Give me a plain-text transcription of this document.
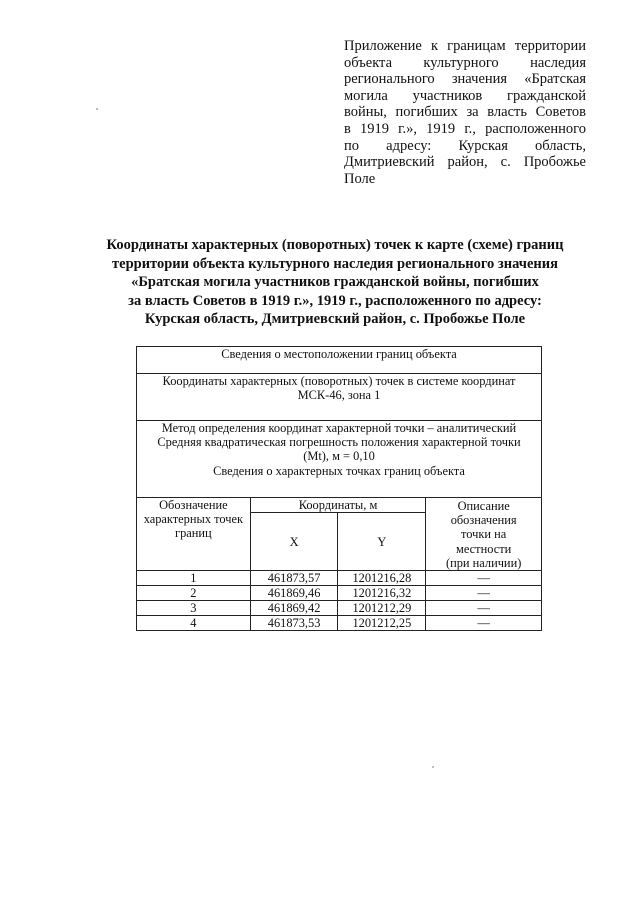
Приложение к границам территории
объекта культурного наследия
регионального значения «Братская
могила участников гражданской
войны, погибших за власть Советов
в 1919 г.», 1919 г., расположенного
по адресу: Курская область,
Дмитриевский район, с. Пробожье
Поле
Координаты характерных (поворотных) точек к карте (схеме) границ
территории объекта культурного наследия регионального значения
«Братская могила участников гражданской войны, погибших
за власть Советов в 1919 г.», 1919 г., расположенного по адресу:
Курская область, Дмитриевский район, с. Пробожье Поле
Сведения о местоположении границ объекта			

Координаты характерных (поворотных) точек в системе координат
МСК-46, зона 1			

Метод определения координат характерной точки – аналитический
Средняя квадратическая погрешность положения характерной точки
(Mt), м = 0,10
Сведения о характерных точках границ объекта			

Обозначение
характерных точек
границ	Координаты, м		Описание
обозначения
точки на
местности
(при наличии)

	X	Y	
1	461873,57	1201216,28	—
2	461869,46	1201216,32	—
3	461869,42	1201212,29	—
4	461873,53	1201212,25	—
